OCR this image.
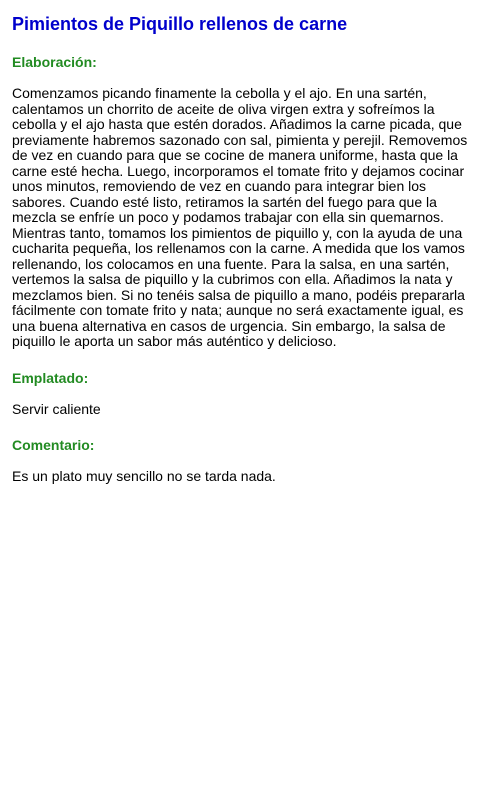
Pimientos de Piquillo rellenos de carne
Elaboración:

Comenzamos picando finamente la cebolla y el ajo. En una sartén, calentamos un chorrito de aceite de oliva virgen extra y sofreímos la cebolla y el ajo hasta que estén dorados. Añadimos la carne picada, que previamente habremos sazonado con sal, pimienta y perejil. Removemos de vez en cuando para que se cocine de manera uniforme, hasta que la carne esté hecha. Luego, incorporamos el tomate frito y dejamos cocinar unos minutos, removiendo de vez en cuando para integrar bien los sabores. Cuando esté listo, retiramos la sartén del fuego para que la mezcla se enfríe un poco y podamos trabajar con ella sin quemarnos. Mientras tanto, tomamos los pimientos de piquillo y, con la ayuda de una cucharita pequeña, los rellenamos con la carne. A medida que los vamos rellenando, los colocamos en una fuente. Para la salsa, en una sartén, vertemos la salsa de piquillo y la cubrimos con ella. Añadimos la nata y mezclamos bien. Si no tenéis salsa de piquillo a mano, podéis prepararla fácilmente con tomate frito y nata; aunque no será exactamente igual, es una buena alternativa en casos de urgencia. Sin embargo, la salsa de piquillo le aporta un sabor más auténtico y delicioso.

Emplatado:

Servir caliente

Comentario:

Es un plato muy sencillo no se tarda nada.
